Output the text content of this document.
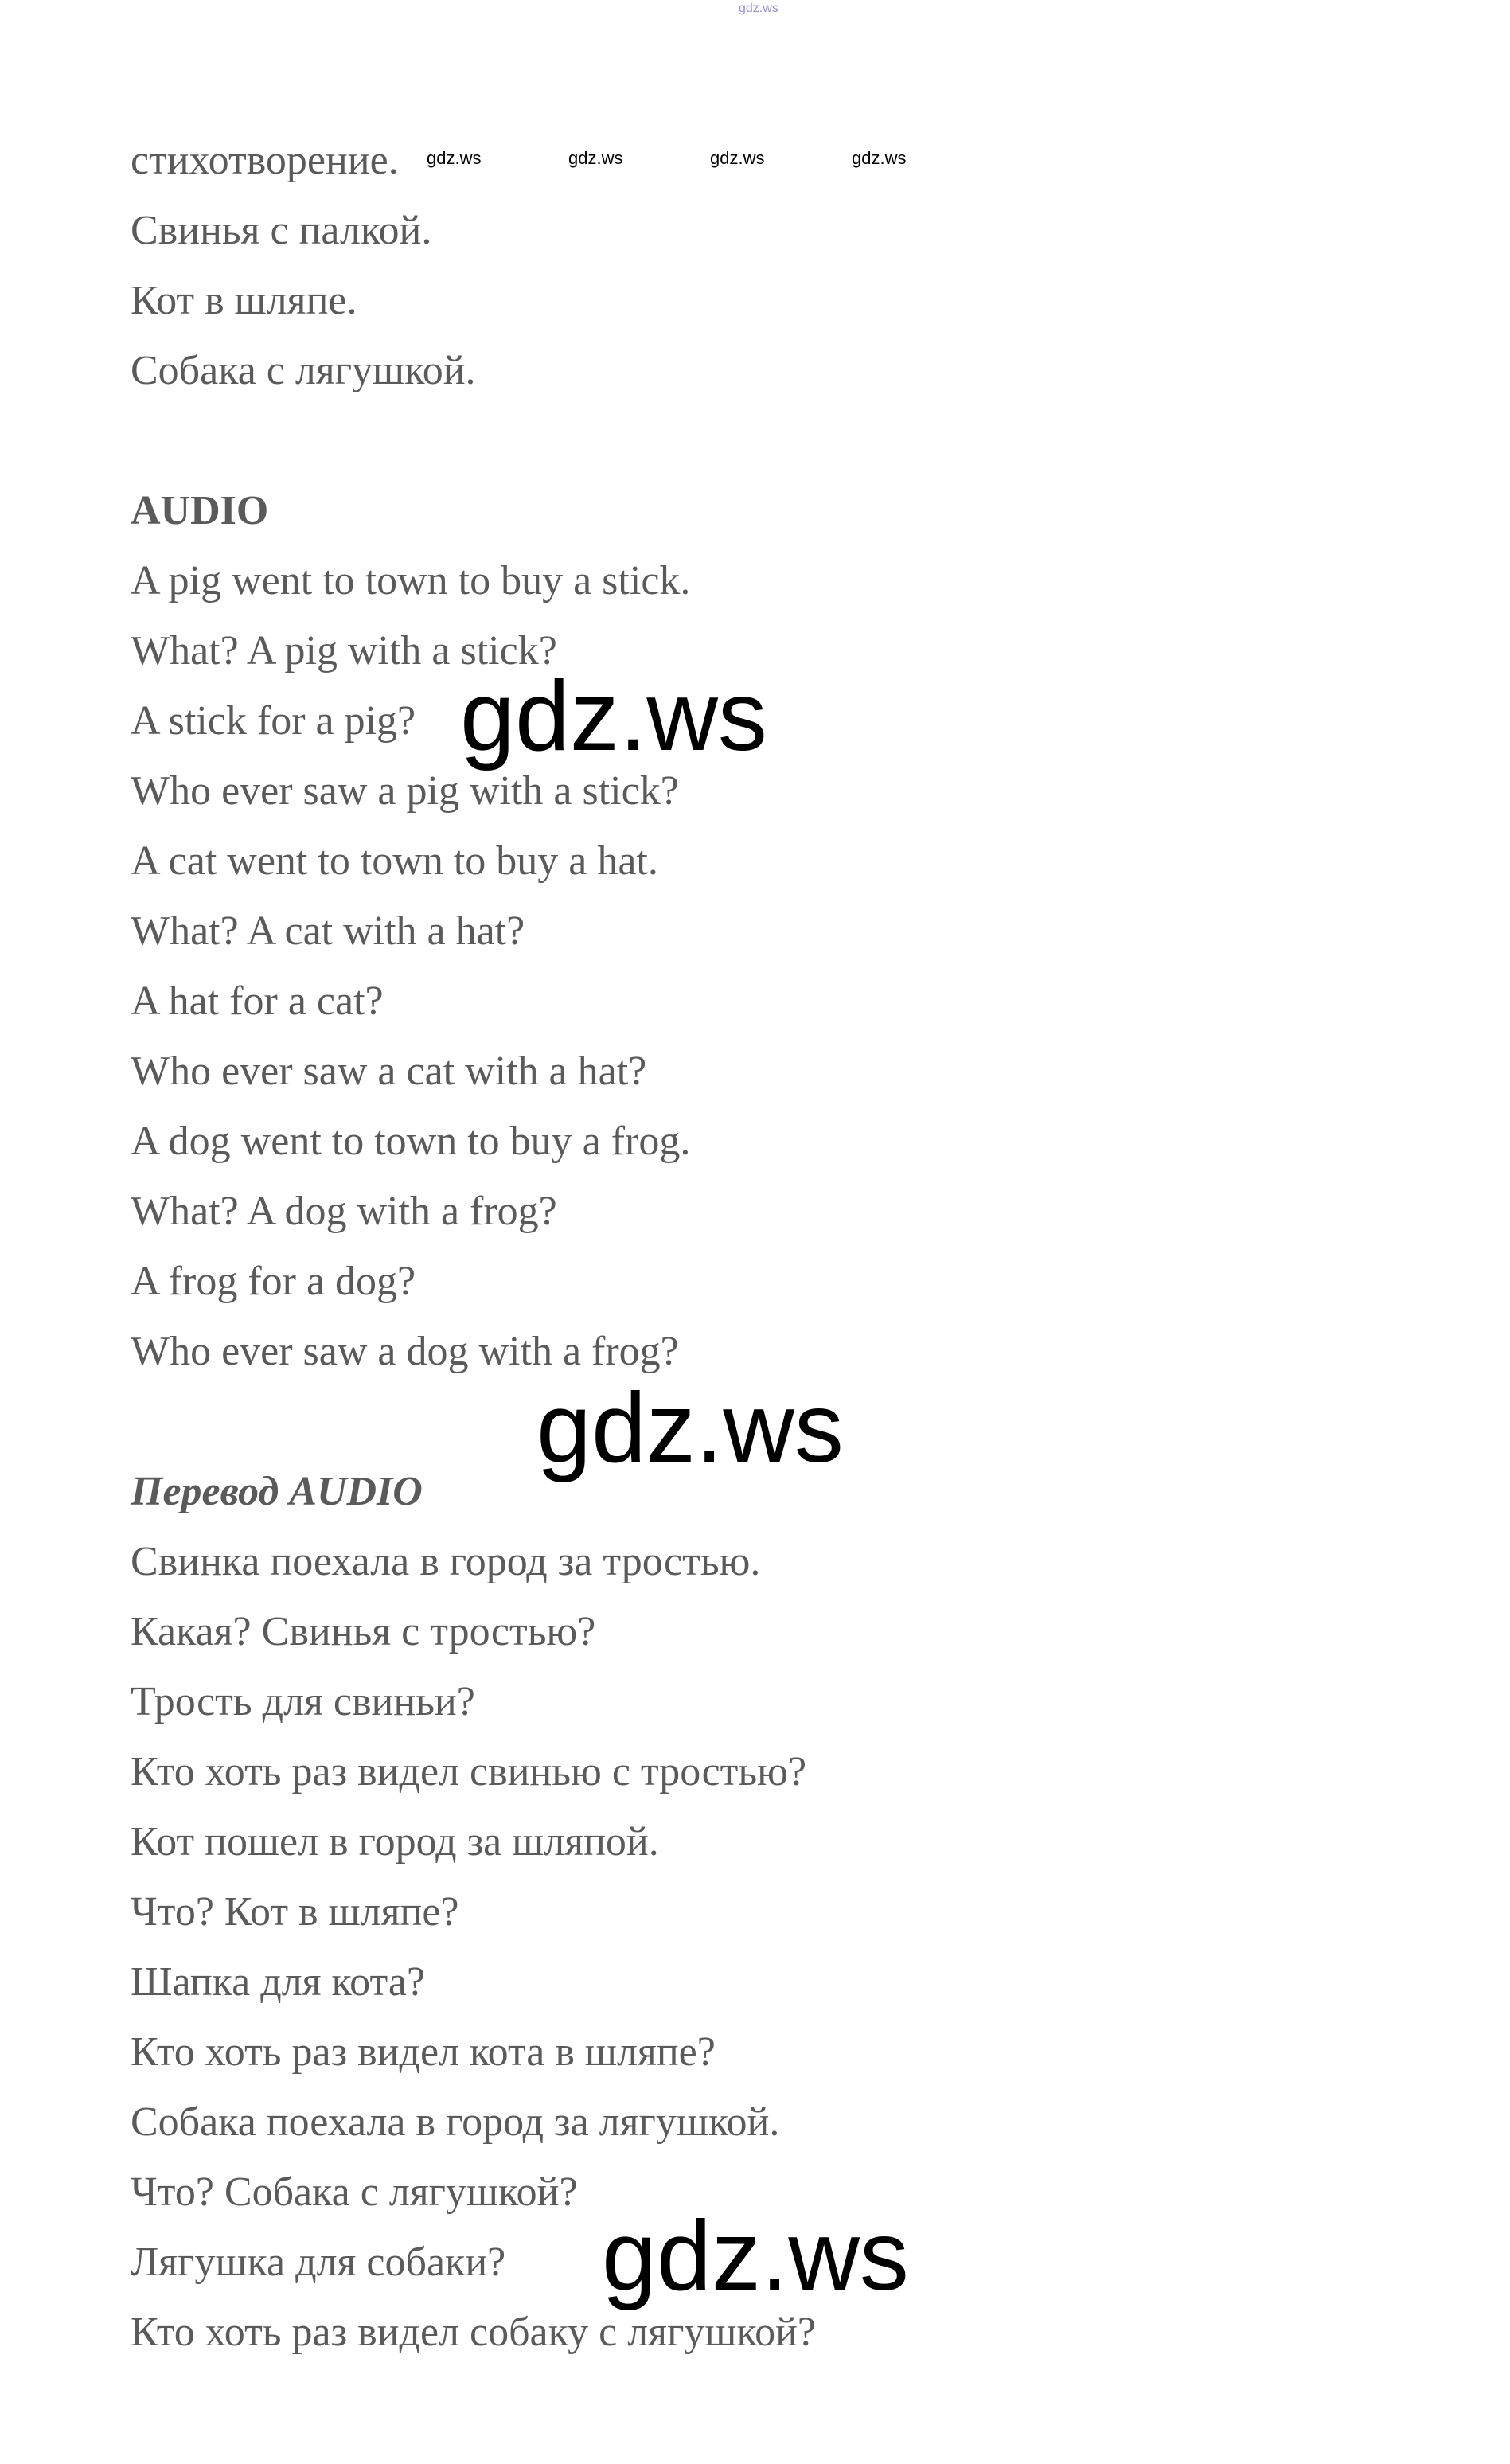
gdz.ws
стихотворение.
Свинья с палкой.
Кот в шляпе.
Собака с лягушкой.
AUDIO
A pig went to town to buy a stick.
What? A pig with a stick?
A stick for a pig?
Who ever saw a pig with a stick?
A cat went to town to buy a hat.
What? A cat with a hat?
A hat for a cat?
Who ever saw a cat with a hat?
A dog went to town to buy a frog.
What? A dog with a frog?
A frog for a dog?
Who ever saw a dog with a frog?
Перевод AUDIO
Свинка поехала в город за тростью.
Какая? Свинья с тростью?
Трость для свиньи?
Кто хоть раз видел свинью с тростью?
Кот пошел в город за шляпой.
Что? Кот в шляпе?
Шапка для кота?
Кто хоть раз видел кота в шляпе?
Собака поехала в город за лягушкой.
Что? Собака с лягушкой?
Лягушка для собаки?
Кто хоть раз видел собаку с лягушкой?
gdz.ws	gdz.ws	gdz.ws	gdz.ws
gdz.ws
gdz.ws
gdz.ws
